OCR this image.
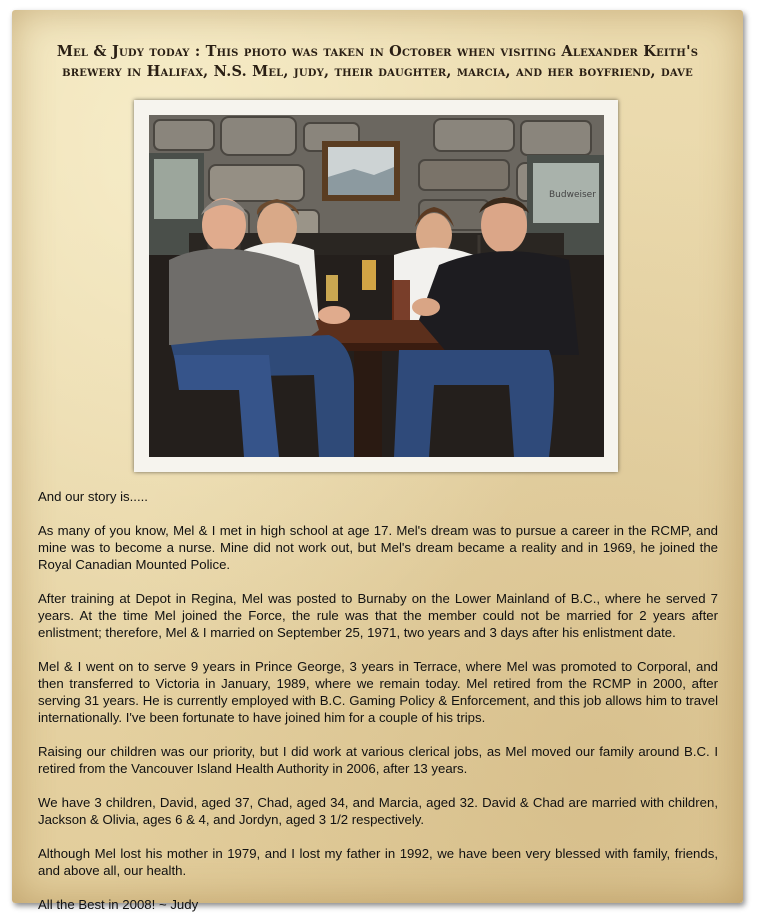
Mel & Judy today : This photo was taken in October when visiting Alexander Keith's
brewery in Halifax, N.S. Mel, judy, their daughter, marcia, and her boyfriend, dave
Budweiser

And our story is.....

As many of you know, Mel & I met in high school at age 17. Mel's dream was to pursue a career in the RCMP, and mine was to become a nurse. Mine did not work out, but Mel's dream became a reality and in 1969, he joined the Royal Canadian Mounted Police.

After training at Depot in Regina, Mel was posted to Burnaby on the Lower Mainland of B.C., where he served 7 years. At the time Mel joined the Force, the rule was that the member could not be married for 2 years after enlistment; therefore, Mel & I married on September 25, 1971, two years and 3 days after his enlistment date.

Mel & I went on to serve 9 years in Prince George, 3 years in Terrace, where Mel was promoted to Corporal, and then transferred to Victoria in January, 1989, where we remain today. Mel retired from the RCMP in 2000, after serving 31 years. He is currently employed with B.C. Gaming Policy & Enforcement, and this job allows him to travel internationally. I've been fortunate to have joined him for a couple of his trips.

Raising our children was our priority, but I did work at various clerical jobs, as Mel moved our family around B.C. I retired from the Vancouver Island Health Authority in 2006, after 13 years.

We have 3 children, David, aged 37, Chad, aged 34, and Marcia, aged 32. David & Chad are married with children, Jackson & Olivia, ages 6 & 4, and Jordyn, aged 3 1/2 respectively.

Although Mel lost his mother in 1979, and I lost my father in 1992, we have been very blessed with family, friends, and above all, our health.

All the Best in 2008! ~ Judy
